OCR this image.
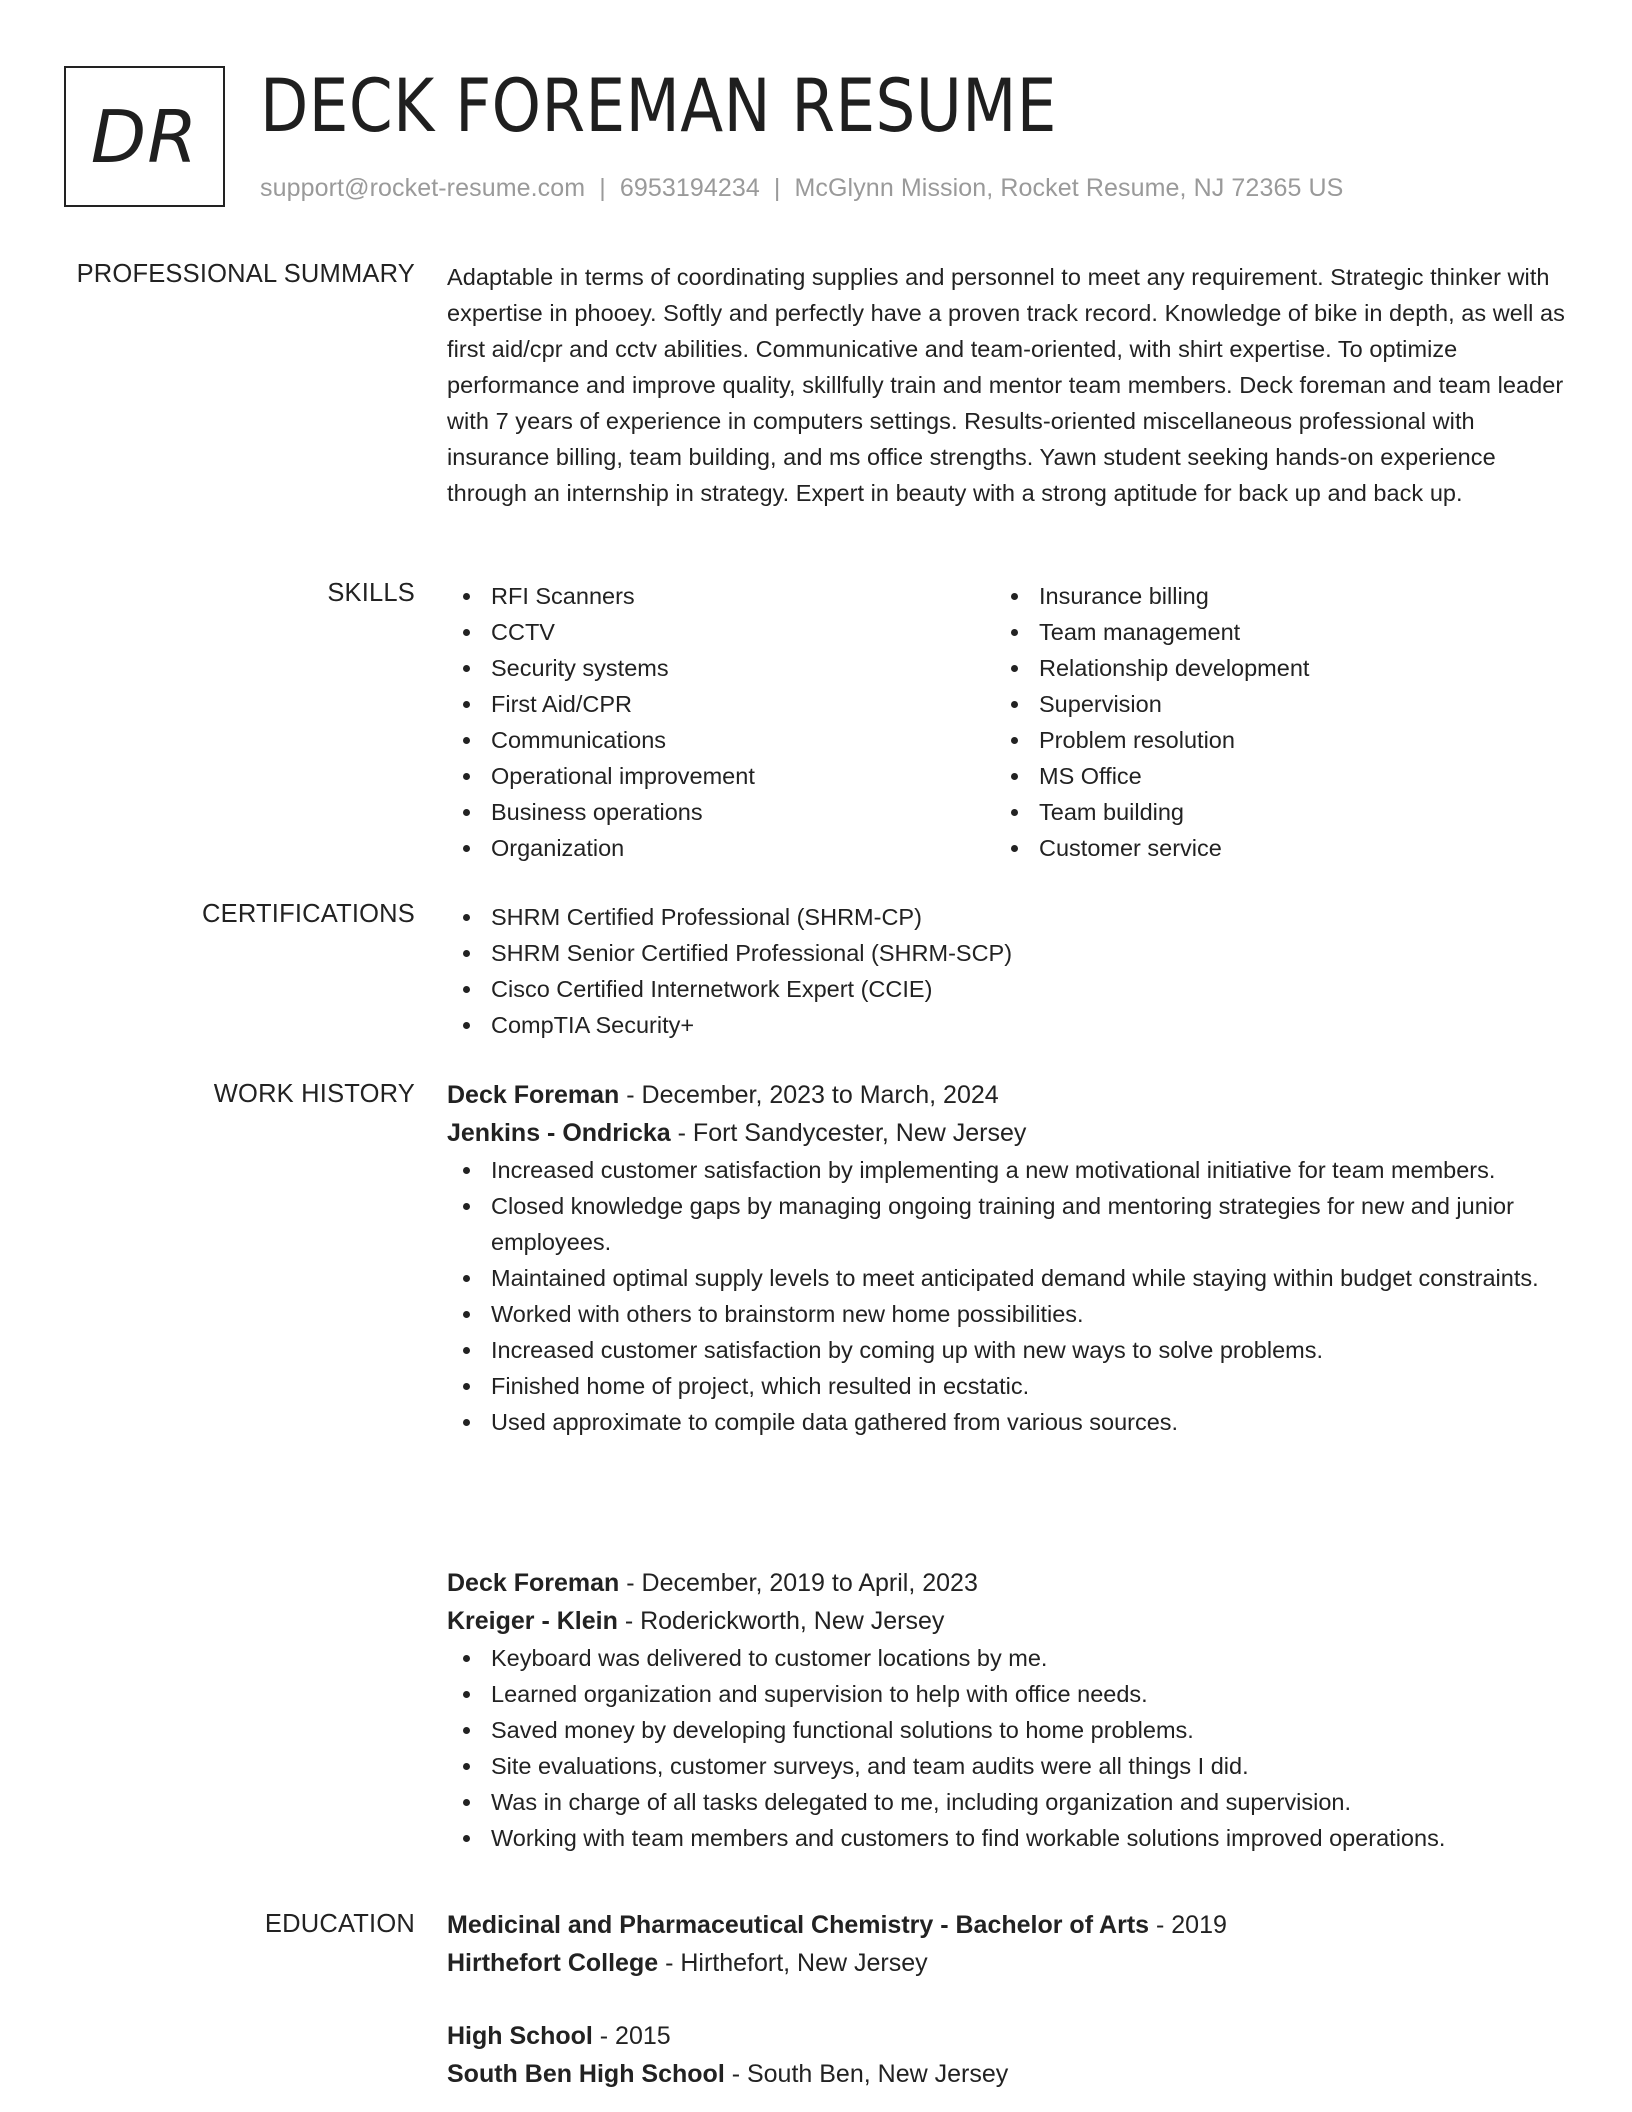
DR DECK FOREMAN RESUME
support@rocket-resume.com | 6953194234 | McGlynn Mission, Rocket Resume, NJ 72365 US
PROFESSIONAL SUMMARY Adaptable in terms of coordinating supplies and personnel to meet any requirement. Strategic thinker with expertise in phooey. Softly and perfectly have a proven track record. Knowledge of bike in depth, as well as first aid/cpr and cctv abilities. Communicative and team-oriented, with shirt expertise. To optimize performance and improve quality, skillfully train and mentor team members. Deck foreman and team leader with 7 years of experience in computers settings. Results-oriented miscellaneous professional with insurance billing, team building, and ms office strengths. Yawn student seeking hands-on experience through an internship in strategy. Expert in beauty with a strong aptitude for back up and back up.
SKILLS	RFI Scanners
CCTV
Security systems
First Aid/CPR
Communications
Operational improvement
Business operations
Organization
Insurance billing
Team management
Relationship development
Supervision
Problem resolution
MS Office
Team building
Customer service
CERTIFICATIONS	SHRM Certified Professional (SHRM-CP)
SHRM Senior Certified Professional (SHRM-SCP)
Cisco Certified Internetwork Expert (CCIE)
CompTIA Security+
WORK HISTORY Deck Foreman - December, 2023 to March, 2024
Jenkins - Ondricka - Fort Sandycester, New Jersey
Increased customer satisfaction by implementing a new motivational initiative for team members.
Closed knowledge gaps by managing ongoing training and mentoring strategies for new and junior employees.
Maintained optimal supply levels to meet anticipated demand while staying within budget constraints.
Worked with others to brainstorm new home possibilities.
Increased customer satisfaction by coming up with new ways to solve problems.
Finished home of project, which resulted in ecstatic.
Used approximate to compile data gathered from various sources.
Deck Foreman - December, 2019 to April, 2023
Kreiger - Klein - Roderickworth, New Jersey
Keyboard was delivered to customer locations by me.
Learned organization and supervision to help with office needs.
Saved money by developing functional solutions to home problems.
Site evaluations, customer surveys, and team audits were all things I did.
Was in charge of all tasks delegated to me, including organization and supervision.
Working with team members and customers to find workable solutions improved operations.
EDUCATION Medicinal and Pharmaceutical Chemistry - Bachelor of Arts - 2019
Hirthefort College - Hirthefort, New Jersey
High School - 2015
South Ben High School - South Ben, New Jersey
